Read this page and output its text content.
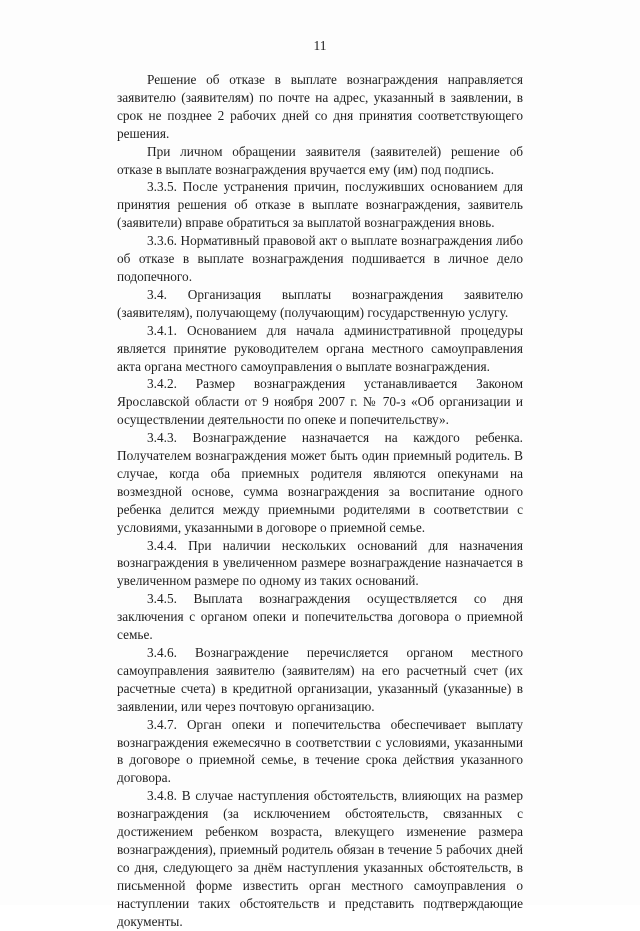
11

Решение об отказе в выплате вознаграждения направляется заявителю (заявителям) по почте на адрес, указанный в заявлении, в срок не позднее 2 рабочих дней со дня принятия соответствующего решения.

При личном обращении заявителя (заявителей) решение об отказе в выплате вознаграждения вручается ему (им) под подпись.

3.3.5. После устранения причин, послуживших основанием для принятия решения об отказе в выплате вознаграждения, заявитель (заявители) вправе обратиться за выплатой вознаграждения вновь.

3.3.6. Нормативный правовой акт о выплате вознаграждения либо об отказе в выплате вознаграждения подшивается в личное дело подопечного.

3.4. Организация выплаты вознаграждения заявителю (заявителям), получающему (получающим) государственную услугу.

3.4.1. Основанием для начала административной процедуры является принятие руководителем органа местного самоуправления акта органа местного самоуправления о выплате вознаграждения.

3.4.2. Размер вознаграждения устанавливается Законом Ярославской области от 9 ноября 2007 г. № 70-з «Об организации и осуществлении деятельности по опеке и попечительству».

3.4.3. Вознаграждение назначается на каждого ребенка. Получателем вознаграждения может быть один приемный родитель. В случае, когда оба приемных родителя являются опекунами на возмездной основе, сумма вознаграждения за воспитание одного ребенка делится между приемными родителями в соответствии с условиями, указанными в договоре о приемной семье.

3.4.4. При наличии нескольких оснований для назначения вознаграждения в увеличенном размере вознаграждение назначается в увеличенном размере по одному из таких оснований.

3.4.5. Выплата вознаграждения осуществляется со дня заключения с органом опеки и попечительства договора о приемной семье.

3.4.6. Вознаграждение перечисляется органом местного самоуправления заявителю (заявителям) на его расчетный счет (их расчетные счета) в кредитной организации, указанный (указанные) в заявлении, или через почтовую организацию.

3.4.7. Орган опеки и попечительства обеспечивает выплату вознаграждения ежемесячно в соответствии с условиями, указанными в договоре о приемной семье, в течение срока действия указанного договора.

3.4.8. В случае наступления обстоятельств, влияющих на размер вознаграждения (за исключением обстоятельств, связанных с достижением ребенком возраста, влекущего изменение размера вознаграждения), приемный родитель обязан в течение 5 рабочих дней со дня, следующего за днём наступления указанных обстоятельств, в письменной форме известить орган местного самоуправления о наступлении таких обстоятельств и представить подтверждающие документы.
